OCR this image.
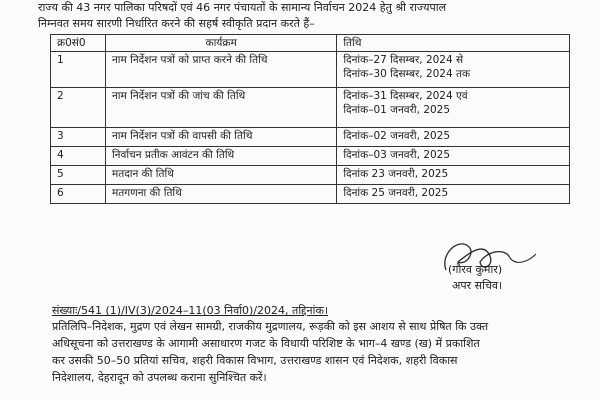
राज्य की 43 नगर पालिका परिषदों एवं 46 नगर पंचायतों के सामान्य निर्वाचन 2024 हेतु श्री राज्यपाल
निम्नवत समय सारणी निर्धारित करने की सहर्ष स्वीकृति प्रदान करते हैं–
क्र0सं0	कार्यक्रम	तिथि
1	नाम निर्देशन पत्रों को प्राप्त करने की तिथि	दिनांक–27 दिसम्बर, 2024 से
दिनांक–30 दिसम्बर, 2024 तक

2	नाम निर्देशन पत्रों की जांच की तिथि	दिनांक–31 दिसम्बर, 2024 एवं
दिनांक–01 जनवरी, 2025

3	नाम निर्देशन पत्रों की वापसी की तिथि	दिनांक–02 जनवरी, 2025

4	निर्वाचन प्रतीक आवंटन की तिथि	दिनांक–03 जनवरी, 2025

5	मतदान की तिथि	दिनांक 23 जनवरी, 2025

6	मतगणना की तिथि	दिनांक 25 जनवरी, 2025
(गौरव कुमार)
अपर सचिव।
संख्याः/541 (1)/IV(3)/2024–11(03 निर्वा0)/2024, तद्दिनांक।
प्रतिलिपि–निदेशक, मुद्रण एवं लेखन सामग्री, राजकीय मुद्रणालय, रूड़की को इस आशय से साथ प्रेषित कि उक्त
अधिसूचना को उत्तराखण्ड के आगामी असाधारण गजट के विधायी परिशिष्ट के भाग–4 खण्ड (ख) में प्रकाशित
कर उसकी 50–50 प्रतियां सचिव, शहरी विकास विभाग, उत्तराखण्ड शासन एवं निदेशक, शहरी विकास
निदेशालय, देहरादून को उपलब्ध कराना सुनिश्चित करें।
